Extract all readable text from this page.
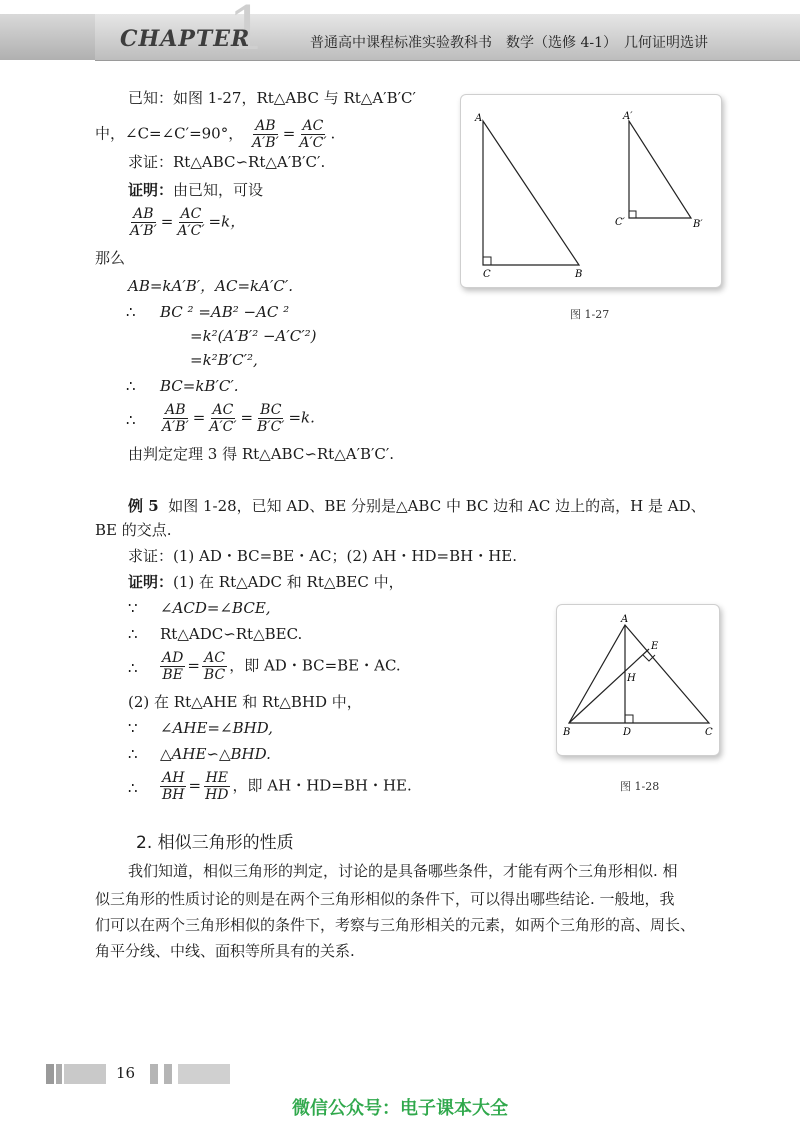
1
CHAPTER	普通高中课程标准实验教科书　数学（选修 4-1）　几何证明选讲
已知：如图 1-27，Rt△ABC 与 Rt△A′B′C′
中，∠C=∠C′=90°， $\frac{AB}{A'B'} = \frac{AC}{A'C'}$ .
求证：Rt△ABC∽Rt△A′B′C′.
证明：由已知，可设
$\frac{AB}{A'B'} = \frac{AC}{A'C'} =k$，
那么
AB=kA′B′，AC=kA′C′.
∴ BC ² =AB² −AC ²
=k²(A′B′² −A′C′²)
=k²B′C′²,
∴ BC=kB′C′.
∴ $\frac{AB}{A'B'} = \frac{AC}{A'C'} = \frac{BC}{B'C'} =k$.
由判定定理 3 得 Rt△ABC∽Rt△A′B′C′.
A
C	B
A′
C′	B′
图 1-27
例 5 如图 1-28，已知 AD、BE 分别是△ABC 中 BC 边和 AC 边上的高，H 是 AD、
BE 的交点.
求证：(1) AD・BC=BE・AC；(2) AH・HD=BH・HE.
证明：(1) 在 Rt△ADC 和 Rt△BEC 中，
∵ ∠ACD=∠BCE,
∴ Rt△ADC∽Rt△BEC.
∴ $\frac{AD}{BE} = \frac{AC}{BC}$ ，即 AD・BC=BE・AC.
(2) 在 Rt△AHE 和 Rt△BHD 中，
∵ ∠AHE=∠BHD,
∴ △AHE∽△BHD.
∴ $\frac{AH}{BH} = \frac{HE}{HD}$ ，即 AH・HD=BH・HE.
A
E
H
B	D	C
图 1-28
2. 相似三角形的性质
我们知道，相似三角形的判定，讨论的是具备哪些条件，才能有两个三角形相似. 相
似三角形的性质讨论的则是在两个三角形相似的条件下，可以得出哪些结论. 一般地，我
们可以在两个三角形相似的条件下，考察与三角形相关的元素，如两个三角形的高、周长、
角平分线、中线、面积等所具有的关系.
16
微信公众号：电子课本大全
